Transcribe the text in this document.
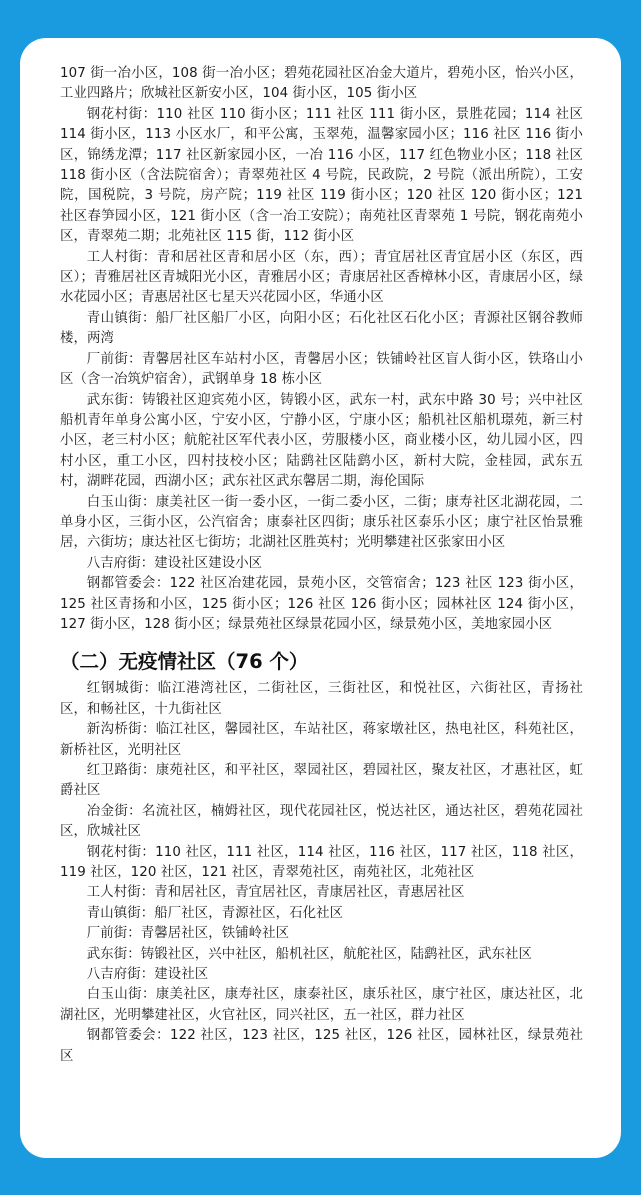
107 街一冶小区，108 街一冶小区；碧苑花园社区冶金大道片，碧苑小区，怡兴小区，工业四路片；欣城社区新安小区，104 街小区，105 街小区

钢花村街：110 社区 110 街小区；111 社区 111 街小区，景胜花园；114 社区 114 街小区，113 小区水厂，和平公寓，玉翠苑，温馨家园小区；116 社区 116 街小区，锦绣龙潭；117 社区新家园小区，一冶 116 小区，117 红色物业小区；118 社区 118 街小区（含法院宿舍）；青翠苑社区 4 号院，民政院，2 号院（派出所院），工安院，国税院，3 号院，房产院；119 社区 119 街小区；120 社区 120 街小区；121 社区春笋园小区，121 街小区（含一冶工安院）；南苑社区青翠苑 1 号院，钢花南苑小区，青翠苑二期；北苑社区 115 街，112 街小区

工人村街：青和居社区青和居小区（东，西）；青宜居社区青宜居小区（东区，西区）；青雅居社区青城阳光小区，青雅居小区；青康居社区香樟林小区，青康居小区，绿水花园小区；青惠居社区七星天兴花园小区，华通小区

青山镇街：船厂社区船厂小区，向阳小区；石化社区石化小区；青源社区钢谷教师楼，两湾

厂前街：青馨居社区车站村小区，青馨居小区；铁铺岭社区盲人街小区，铁珞山小区（含一冶筑炉宿舍），武钢单身 18 栋小区

武东街：铸锻社区迎宾苑小区，铸锻小区，武东一村，武东中路 30 号；兴中社区船机青年单身公寓小区，宁安小区，宁静小区，宁康小区；船机社区船机璟苑，新三村小区，老三村小区；航舵社区军代表小区，劳服楼小区，商业楼小区，幼儿园小区，四村小区，重工小区，四村技校小区；陆鹞社区陆鹞小区，新村大院，金桂园，武东五村，湖畔花园，西湖小区；武东社区武东馨居二期，海伦国际

白玉山街：康美社区一街一委小区，一街二委小区，二街；康寿社区北湖花园，二单身小区，三街小区，公汽宿舍；康泰社区四街；康乐社区泰乐小区；康宁社区怡景雅居，六街坊；康达社区七街坊；北湖社区胜英村；光明攀建社区张家田小区

八吉府街：建设社区建设小区

钢都管委会：122 社区冶建花园，景苑小区，交管宿舍；123 社区 123 街小区，125 社区青扬和小区，125 街小区；126 社区 126 街小区；园林社区 124 街小区，127 街小区，128 街小区；绿景苑社区绿景花园小区，绿景苑小区，美地家园小区

（二）无疫情社区（76 个）

红钢城街：临江港湾社区，二街社区，三街社区，和悦社区，六街社区，青扬社区，和畅社区，十九街社区

新沟桥街：临江社区，馨园社区，车站社区，蒋家墩社区，热电社区，科苑社区，新桥社区，光明社区

红卫路街：康苑社区，和平社区，翠园社区，碧园社区，聚友社区，才惠社区，虹爵社区

冶金街：名流社区，楠姆社区，现代花园社区，悦达社区，通达社区，碧苑花园社区，欣城社区

钢花村街：110 社区，111 社区，114 社区，116 社区，117 社区，118 社区，119 社区，120 社区，121 社区，青翠苑社区，南苑社区，北苑社区

工人村街：青和居社区，青宜居社区，青康居社区，青惠居社区

青山镇街：船厂社区，青源社区，石化社区

厂前街：青馨居社区，铁铺岭社区

武东街：铸锻社区，兴中社区，船机社区，航舵社区，陆鹞社区，武东社区

八吉府街：建设社区

白玉山街：康美社区，康寿社区，康泰社区，康乐社区，康宁社区，康达社区，北湖社区，光明攀建社区，火官社区，同兴社区，五一社区，群力社区

钢都管委会：122 社区，123 社区，125 社区，126 社区，园林社区，绿景苑社区
